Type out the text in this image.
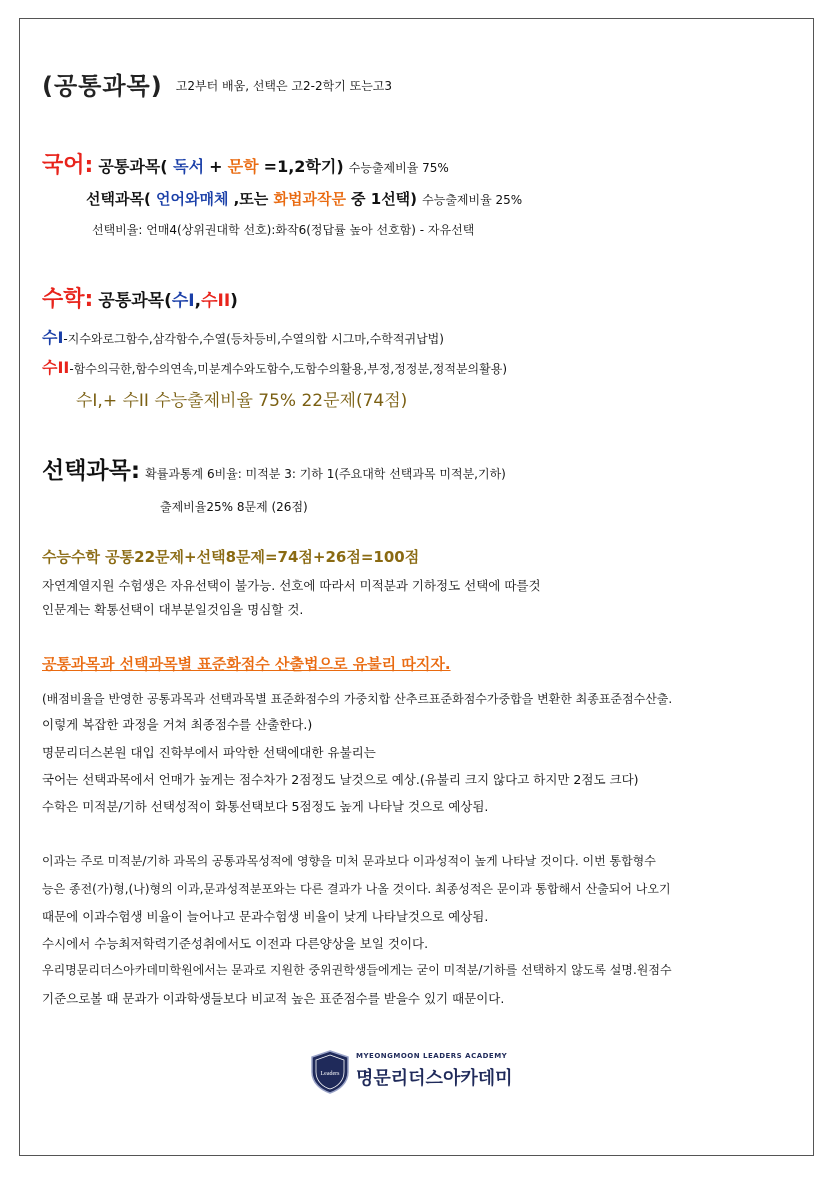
(공통과목) $^{고2부터 배움, 선택은 고2-2학기 또는고3}$
국어: 공통과목( 독서 + 문학 =1,2학기) 수능출제비율 75%
선택과목( 언어와매체 ,또는 화법과작문 중 1선택) 수능출제비율 25%
선택비율: 언매4(상위권대학 선호):화작6(정답률 높아 선호함) - 자유선택
수학: 공통과목(수I,수II)
수I-지수와로그함수,삼각함수,수열(등차등비,수열의합 시그마,수학적귀납법)
수II-함수의극한,함수의연속,미분계수와도함수,도함수의활용,부정,정정분,정적분의활용)
수I,+ 수II 수능출제비율 75% 22문제(74점)
선택과목: 확률과통계 6비율: 미적분 3: 기하 1(주요대학 선택과목 미적분,기하)
출제비율25% 8문제 (26점)
수능수학 공통22문제+선택8문제=74점+26점=100점
자연계열지원 수험생은 자유선택이 불가능. 선호에 따라서 미적분과 기하정도 선택에 따를것
인문계는 확통선택이 대부분일것임을 명심할 것.
공통과목과 선택과목별 표준화점수 산출법으로 유불리 따지자.
(배점비율을 반영한 공통과목과 선택과목별 표준화점수의 가중치합 산추르표준화점수가중합을 변환한 최종표준점수산출.
이렇게 복잡한 과정을 거쳐 최종점수를 산출한다.)
명문리더스본원 대입 진학부에서 파악한 선택에대한 유불리는
국어는 선택과목에서 언매가 높게는 점수차가 2점정도 날것으로 예상.(유불리 크지 않다고 하지만 2점도 크다)
수학은 미적분/기하 선택성적이 화통선택보다 5점정도 높게 나타날 것으로 예상됨.
이과는 주로 미적분/기하 과목의 공통과목성적에 영향을 미처 문과보다 이과성적이 높게 나타날 것이다. 이번 통합형수
능은 종전(가)형,(나)형의 이과,문과성적분포와는 다른 결과가 나올 것이다. 최종성적은 문이과 통합해서 산출되어 나오기
때문에 이과수험생 비율이 늘어나고 문과수험생 비율이 낮게 나타날것으로 예상됨.
수시에서 수능최저학력기준성취에서도 이전과 다른양상을 보일 것이다.
우리명문리더스아카데미학원에서는 문과로 지원한 중위권학생들에게는 굳이 미적분/기하를 선택하지 않도록 설명.원점수
기준으로볼 때 문과가 이과학생들보다 비교적 높은 표준점수를 받을수 있기 때문이다.
Leaders
MYEONGMOON LEADERS ACADEMY
명문리더스아카데미
